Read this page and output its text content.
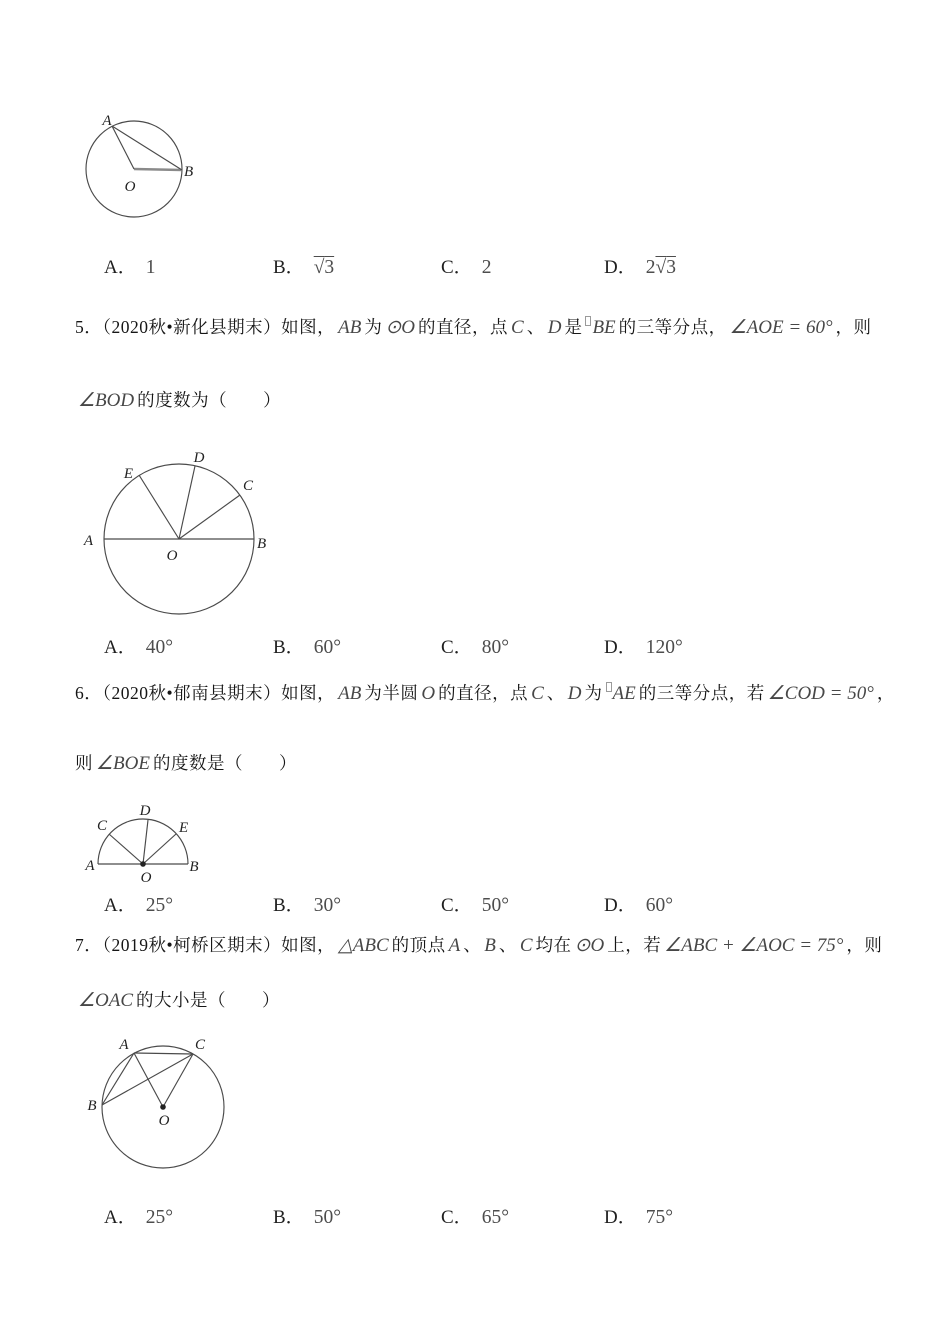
A
O
B
A． 1	B． √ 3	C． 2	D． 2 √ 3
5．（2020秋•新化县期末）如图， AB 为 ⊙O 的直径，点 C 、 D 是 BE 的三等分点， ∠AOE = 60° ，则
∠BOD 的度数为（　　）
E
D
C
A
O
B
A． 40°	B． 60°	C． 80°	D． 120°
6．（2020秋•郁南县期末）如图， AB 为半圆 O 的直径，点 C 、 D 为 AE 的三等分点，若 ∠COD = 50° ，
则 ∠BOE 的度数是（　　）
C
D
E
A
O
B
A． 25°	B． 30°	C． 50°	D． 60°
7．（2019秋•柯桥区期末）如图， △ABC 的顶点 A 、 B 、 C 均在 ⊙O 上，若 ∠ABC + ∠AOC = 75° ，则
∠OAC 的大小是（　　）
A	C
B
O
A． 25°	B． 50°	C． 65°	D． 75°
